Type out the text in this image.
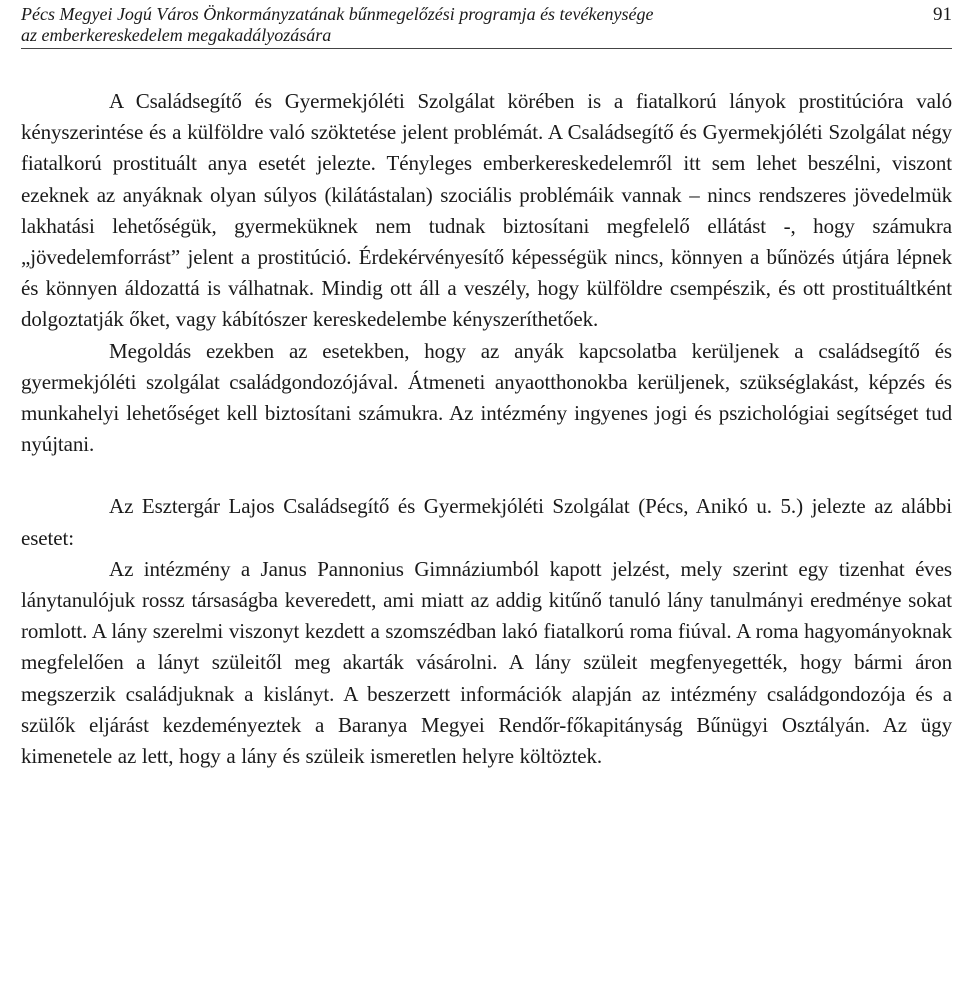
Pécs Megyei Jogú Város Önkormányzatának bűnmegelőzési programja és tevékenysége
az emberkereskedelem megakadályozására
91

A Családsegítő és Gyermekjóléti Szolgálat körében is a fiatalkorú lányok prostitúcióra való kényszerintése és a külföldre való szöktetése jelent problémát. A Családsegítő és Gyermekjóléti Szolgálat négy fiatalkorú prostituált anya esetét jelezte. Tényleges emberkereskedelemről itt sem lehet beszélni, viszont ezeknek az anyáknak olyan súlyos (kilátástalan) szociális problémáik vannak – nincs rendszeres jövedelmük lakhatási lehetőségük, gyermeküknek nem tudnak biztosítani megfelelő ellátást -, hogy számukra „jövedelemforrást” jelent a prostitúció. Érdekérvényesítő képességük nincs, könnyen a bűnözés útjára lépnek és könnyen áldozattá is válhatnak. Mindig ott áll a veszély, hogy külföldre csempészik, és ott prostituáltként dolgoztatják őket, vagy kábítószer kereskedelembe kényszeríthetőek.

Megoldás ezekben az esetekben, hogy az anyák kapcsolatba kerüljenek a családsegítő és gyermekjóléti szolgálat családgondozójával. Átmeneti anyaotthonokba kerüljenek, szükséglakást, képzés és munkahelyi lehetőséget kell biztosítani számukra. Az intézmény ingyenes jogi és pszichológiai segítséget tud nyújtani.

Az Esztergár Lajos Családsegítő és Gyermekjóléti Szolgálat (Pécs, Anikó u. 5.) jelezte az alábbi esetet:

Az intézmény a Janus Pannonius Gimnáziumból kapott jelzést, mely szerint egy tizenhat éves lánytanulójuk rossz társaságba keveredett, ami miatt az addig kitűnő tanuló lány tanulmányi eredménye sokat romlott. A lány szerelmi viszonyt kezdett a szomszédban lakó fiatalkorú roma fiúval. A roma hagyományoknak megfelelően a lányt szüleitől meg akarták vásárolni. A lány szüleit megfenyegették, hogy bármi áron megszerzik családjuknak a kislányt. A beszerzett információk alapján az intézmény családgondozója és a szülők eljárást kezdeményeztek a Baranya Megyei Rendőr-főkapitányság Bűnügyi Osztályán. Az ügy kimenetele az lett, hogy a lány és szüleik ismeretlen helyre költöztek.
